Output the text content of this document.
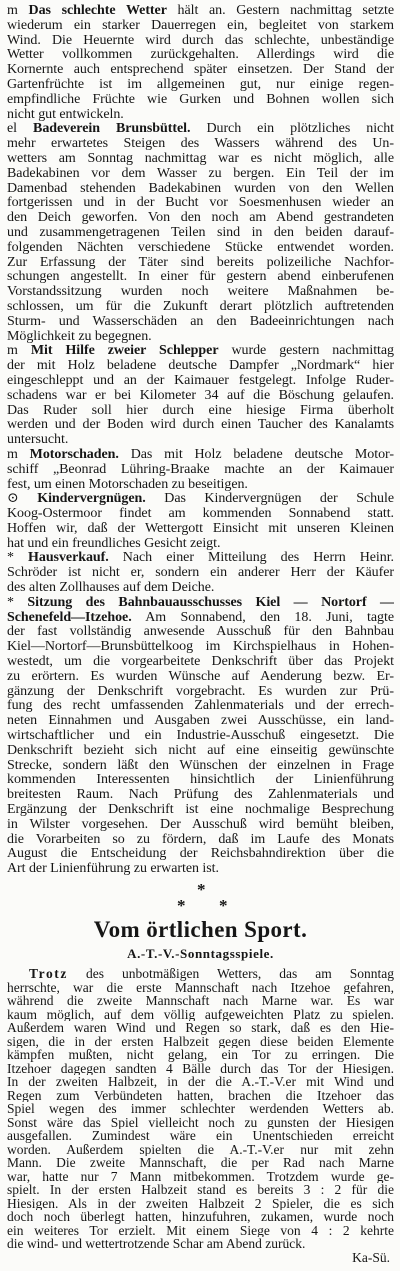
m Das schlechte Wetter hält an. Gestern nachmittag setzte
wiederum ein starker Dauerregen ein, begleitet von starkem
Wind. Die Heuernte wird durch das schlechte, unbeständige
Wetter vollkommen zurückgehalten. Allerdings wird die
Kornernte auch entsprechend später einsetzen. Der Stand der
Gartenfrüchte ist im allgemeinen gut, nur einige regen-
empfindliche Früchte wie Gurken und Bohnen wollen sich
nicht gut entwickeln.
el Badeverein Brunsbüttel. Durch ein plötzliches nicht
mehr erwartetes Steigen des Wassers während des Un-
wetters am Sonntag nachmittag war es nicht möglich, alle
Badekabinen vor dem Wasser zu bergen. Ein Teil der im
Damenbad stehenden Badekabinen wurden von den Wellen
fortgerissen und in der Bucht vor Soesmenhusen wieder an
den Deich geworfen. Von den noch am Abend gestrandeten
und zusammengetragenen Teilen sind in den beiden darauf-
folgenden Nächten verschiedene Stücke entwendet worden.
Zur Erfassung der Täter sind bereits polizeiliche Nachfor-
schungen angestellt. In einer für gestern abend einberufenen
Vorstandssitzung wurden noch weitere Maßnahmen be-
schlossen, um für die Zukunft derart plötzlich auftretenden
Sturm- und Wasserschäden an den Badeeinrichtungen nach
Möglichkeit zu begegnen.
m Mit Hilfe zweier Schlepper wurde gestern nachmittag
der mit Holz beladene deutsche Dampfer „Nordmark“ hier
eingeschleppt und an der Kaimauer festgelegt. Infolge Ruder-
schadens war er bei Kilometer 34 auf die Böschung gelaufen.
Das Ruder soll hier durch eine hiesige Firma überholt
werden und der Boden wird durch einen Taucher des Kanalamts
untersucht.
m Motorschaden. Das mit Holz beladene deutsche Motor-
schiff „Beonrad Lühring-Braake machte an der Kaimauer
fest, um einen Motorschaden zu beseitigen.
⊙ Kindervergnügen. Das Kindervergnügen der Schule
Koog-Ostermoor findet am kommenden Sonnabend statt.
Hoffen wir, daß der Wettergott Einsicht mit unseren Kleinen
hat und ein freundliches Gesicht zeigt.
* Hausverkauf. Nach einer Mitteilung des Herrn Heinr.
Schröder ist nicht er, sondern ein anderer Herr der Käufer
des alten Zollhauses auf dem Deiche.
* Sitzung des Bahnbauausschusses Kiel — Nortorf —
Schenefeld—Itzehoe. Am Sonnabend, den 18. Juni, tagte
der fast vollständig anwesende Ausschuß für den Bahnbau
Kiel—Nortorf—Brunsbüttelkoog im Kirchspielhaus in Hohen-
westedt, um die vorgearbeitete Denkschrift über das Projekt
zu erörtern. Es wurden Wünsche auf Aenderung bezw. Er-
gänzung der Denkschrift vorgebracht. Es wurden zur Prü-
fung des recht umfassenden Zahlenmaterials und der errech-
neten Einnahmen und Ausgaben zwei Ausschüsse, ein land-
wirtschaftlicher und ein Industrie-Ausschuß eingesetzt. Die
Denkschrift bezieht sich nicht auf eine einseitig gewünschte
Strecke, sondern läßt den Wünschen der einzelnen in Frage
kommenden Interessenten hinsichtlich der Linienführung
breitesten Raum. Nach Prüfung des Zahlenmaterials und
Ergänzung der Denkschrift ist eine nochmalige Besprechung
in Wilster vorgesehen. Der Ausschuß wird bemüht bleiben,
die Vorarbeiten so zu fördern, daß im Laufe des Monats
August die Entscheidung der Reichsbahndirektion über die
Art der Linienführung zu erwarten ist.
*
* *
Vom örtlichen Sport.
A.-T.-V.-Sonntagsspiele.
Trotz des unbotmäßigen Wetters, das am Sonntag
herrschte, war die erste Mannschaft nach Itzehoe gefahren,
während die zweite Mannschaft nach Marne war. Es war
kaum möglich, auf dem völlig aufgeweichten Platz zu spielen.
Außerdem waren Wind und Regen so stark, daß es den Hie-
sigen, die in der ersten Halbzeit gegen diese beiden Elemente
kämpfen mußten, nicht gelang, ein Tor zu erringen. Die
Itzehoer dagegen sandten 4 Bälle durch das Tor der Hiesigen.
In der zweiten Halbzeit, in der die A.-T.-V.er mit Wind und
Regen zum Verbündeten hatten, brachen die Itzehoer das
Spiel wegen des immer schlechter werdenden Wetters ab.
Sonst wäre das Spiel vielleicht noch zu gunsten der Hiesigen
ausgefallen. Zumindest wäre ein Unentschieden erreicht
worden. Außerdem spielten die A.-T.-V.er nur mit zehn
Mann. Die zweite Mannschaft, die per Rad nach Marne
war, hatte nur 7 Mann mitbekommen. Trotzdem wurde ge-
spielt. In der ersten Halbzeit stand es bereits 3 : 2 für die
Hiesigen. Als in der zweiten Halbzeit 2 Spieler, die es sich
doch noch überlegt hatten, hinzufuhren, zukamen, wurde noch
ein weiteres Tor erzielt. Mit einem Siege von 4 : 2 kehrte
die wind- und wettertrotzende Schar am Abend zurück.
Ka-Sü.
